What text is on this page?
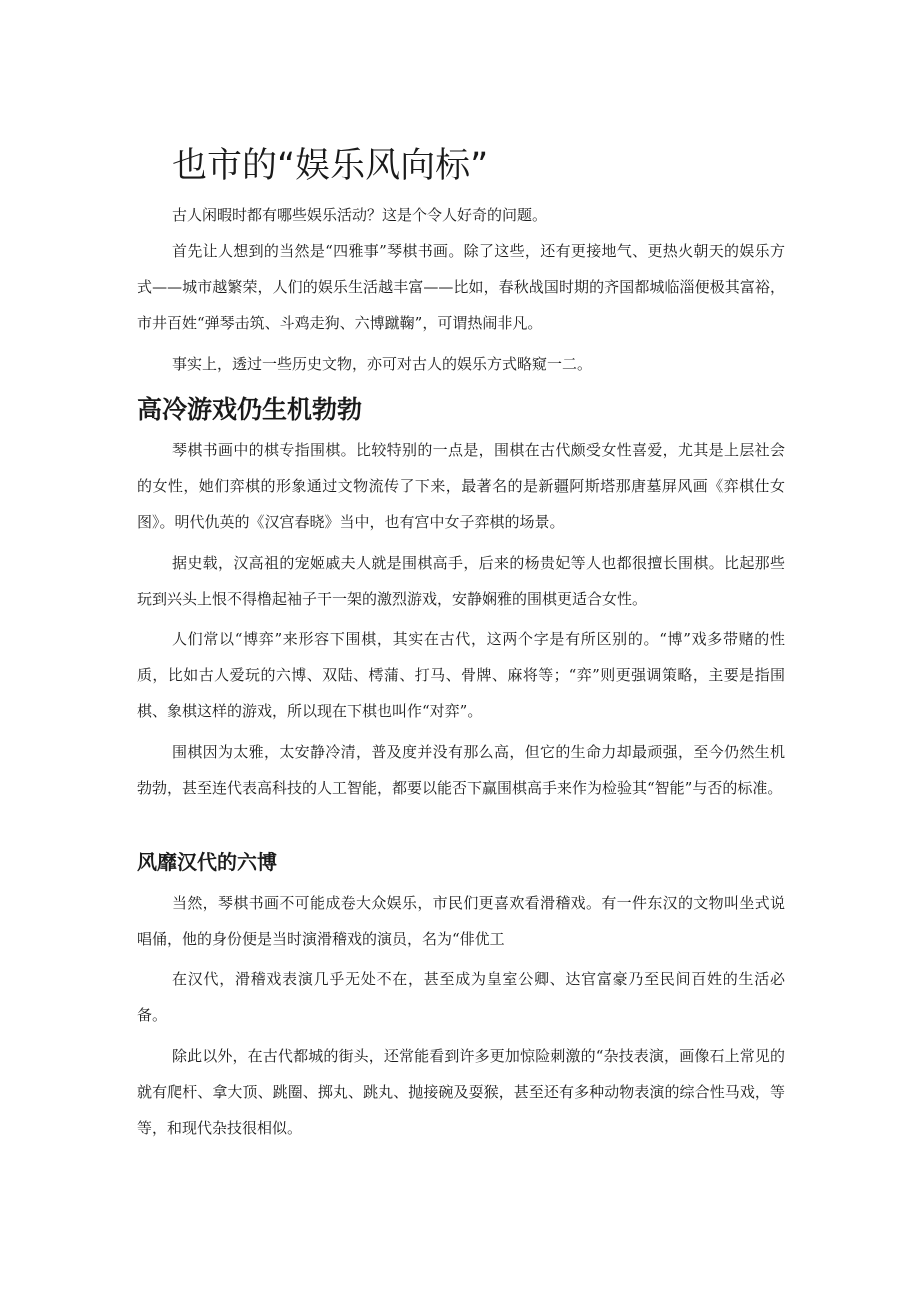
也市的“娱乐风向标”

古人闲暇时都有哪些娱乐活动？这是个令人好奇的问题。

首先让人想到的当然是“四雅事”琴棋书画。除了这些，还有更接地气、更热火朝天的娱乐方式——城市越繁荣，人们的娱乐生活越丰富——比如，春秋战国时期的齐国都城临淄便极其富裕，市井百姓“弹琴击筑、斗鸡走狗、六博蹴鞠”，可谓热闹非凡。

事实上，透过一些历史文物，亦可对古人的娱乐方式略窥一二。

高冷游戏仍生机勃勃

琴棋书画中的棋专指围棋。比较特别的一点是，围棋在古代颇受女性喜爱，尤其是上层社会的女性，她们弈棋的形象通过文物流传了下来，最著名的是新疆阿斯塔那唐墓屏风画《弈棋仕女图》。明代仇英的《汉宫春晓》当中，也有宫中女子弈棋的场景。

据史载，汉高祖的宠姬戚夫人就是围棋高手，后来的杨贵妃等人也都很擅长围棋。比起那些玩到兴头上恨不得橹起袖子干一架的激烈游戏，安静娴雅的围棋更适合女性。

人们常以“博弈”来形容下围棋，其实在古代，这两个字是有所区别的。“博”戏多带赌的性质，比如古人爱玩的六博、双陆、樗蒲、打马、骨牌、麻将等；“弈”则更强调策略，主要是指围棋、象棋这样的游戏，所以现在下棋也叫作“对弈”。

围棋因为太雅，太安静冷清，普及度并没有那么高，但它的生命力却最顽强，至今仍然生机勃勃，甚至连代表高科技的人工智能，都要以能否下赢围棋高手来作为检验其“智能”与否的标准。

风靡汉代的六博

当然，琴棋书画不可能成卷大众娱乐，市民们更喜欢看滑稽戏。有一件东汉的文物叫坐式说唱俑，他的身份便是当时演滑稽戏的演员，名为“俳优工

在汉代，滑稽戏表演几乎无处不在，甚至成为皇室公卿、达官富豪乃至民间百姓的生活必备。

除此以外，在古代都城的街头，还常能看到许多更加惊险刺激的“杂技表演，画像石上常见的就有爬杆、拿大顶、跳圈、掷丸、跳丸、抛接碗及耍猴，甚至还有多种动物表演的综合性马戏，等等，和现代杂技很相似。
